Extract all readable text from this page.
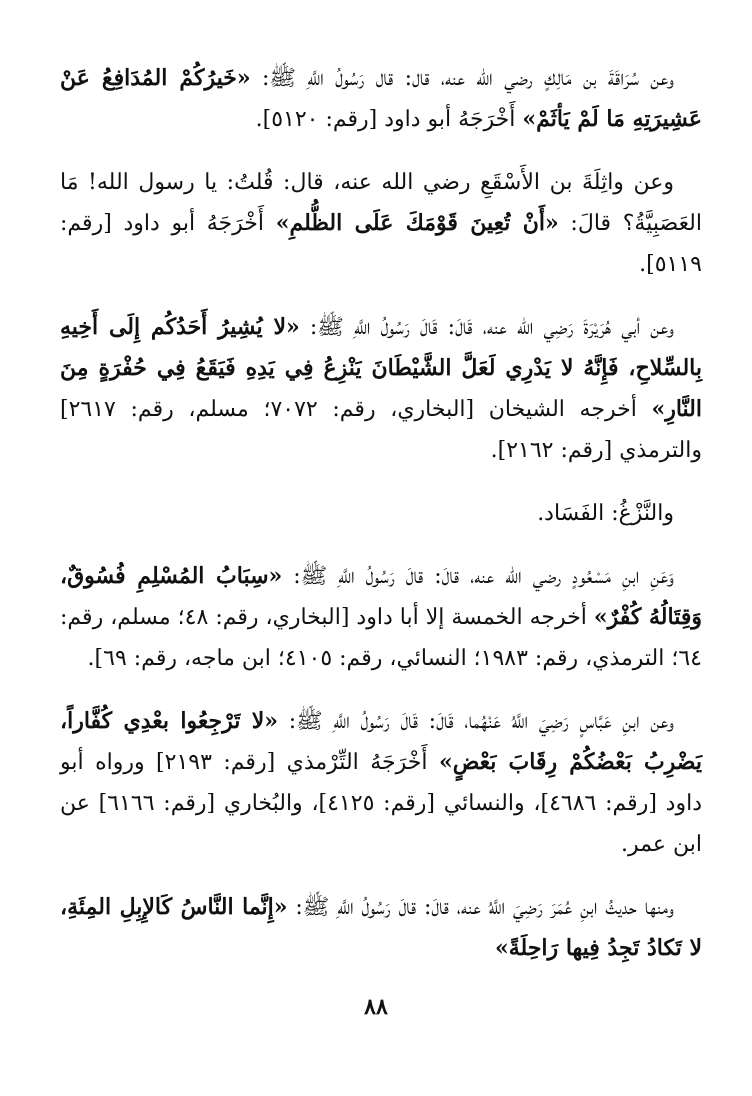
وعن سُرَاقَةَ بن مَالِكٍ رضي الله عنه، قال: قال رَسُولُ اللَّهِ ﷺ: «خَيرُكُمْ المُدَافِعُ عَنْ عَشِيرَتِهِ مَا لَمْ يَأثَمْ» أَخْرَجَهُ أبو داود [رقم: ٥١٢٠].

وعن واثِلَةَ بن الأَسْقَعِ رضي الله عنه، قال: قُلتُ: يا رسول الله! مَا العَصَبِيَّةُ؟ قالَ: «أَنْ تُعِينَ قَوْمَكَ عَلَى الظُّلمِ» أَخْرَجَهُ أبو داود [رقم: ٥١١٩].

وعن أبي هُرَيْرَةَ رَضِي الله عنه، قَالَ: قَالَ رَسُولُ اللَّهِ ﷺ: «لا يُشِيرُ أَحَدُكُم إِلَى أَخِيهِ بِالسِّلاحِ، فَإِنَّهُ لا يَدْرِي لَعَلَّ الشَّيْطَانَ يَنْزِعُ فِي يَدِهِ فَيَقَعُ فِي حُفْرَةٍ مِنَ النَّارِ» أخرجه الشيخان [البخاري، رقم: ٧٠٧٢؛ مسلم، رقم: ٢٦١٧] والترمذي [رقم: ٢١٦٢].

والنَّزْغُ: الفَسَاد.

وَعَنِ ابنِ مَسْعُودٍ رضي الله عنه، قالَ: قالَ رَسُولُ اللَّهِ ﷺ: «سِبَابُ المُسْلِمِ فُسُوقٌ، وَقِتَالُهُ كُفْرٌ» أخرجه الخمسة إلا أبا داود [البخاري، رقم: ٤٨؛ مسلم، رقم: ٦٤؛ الترمذي، رقم: ١٩٨٣؛ النسائي، رقم: ٤١٠٥؛ ابن ماجه، رقم: ٦٩].

وعن ابنِ عَبَّاسٍ رَضِيَ اللَّهُ عَنْهُما، قَالَ: قَالَ رَسُولُ اللَّهِ ﷺ: «لا تَرْجِعُوا بعْدِي كُفَّاراً، يَضْرِبُ بَعْضُكُمْ رِقَابَ بَعْضٍ» أَخْرَجَهُ التِّرْمذي [رقم: ٢١٩٣] ورواه أبو داود [رقم: ٤٦٨٦]، والنسائي [رقم: ٤١٢٥]، والبُخاري [رقم: ٦١٦٦] عن ابن عمر.

ومنها حديثُ ابنِ عُمَرَ رَضِيَ اللَّهُ عنه، قالَ: قالَ رَسُولُ اللَّهِ ﷺ: «إِنَّما النَّاسُ كَالإِبِلِ المِئَةِ، لا تَكادُ تَجِدُ فِيها رَاحِلَةً»

٨٨
